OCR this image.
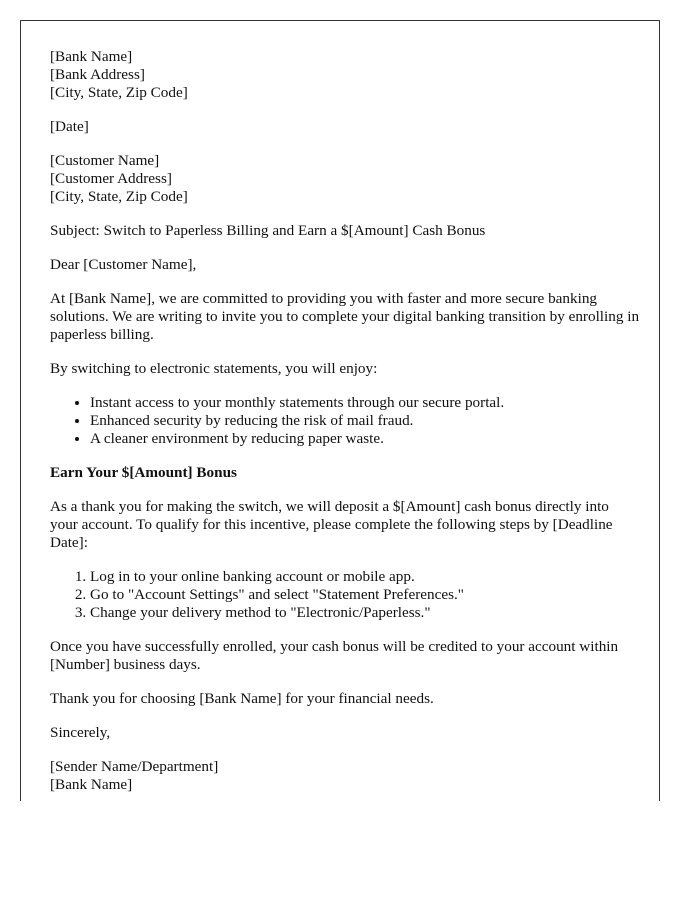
[Bank Name]
[Bank Address]
[City, State, Zip Code]

[Date]

[Customer Name]
[Customer Address]
[City, State, Zip Code]

Subject: Switch to Paperless Billing and Earn a $[Amount] Cash Bonus

Dear [Customer Name],

At [Bank Name], we are committed to providing you with faster and more secure banking solutions. We are writing to invite you to complete your digital banking transition by enrolling in paperless billing.

By switching to electronic statements, you will enjoy:

• Instant access to your monthly statements through our secure portal.
• Enhanced security by reducing the risk of mail fraud.
• A cleaner environment by reducing paper waste.
Earn Your $[Amount] Bonus

As a thank you for making the switch, we will deposit a $[Amount] cash bonus directly into your account. To qualify for this incentive, please complete the following steps by [Deadline Date]:

1. Log in to your online banking account or mobile app.
2. Go to "Account Settings" and select "Statement Preferences."
3. Change your delivery method to "Electronic/Paperless."

Once you have successfully enrolled, your cash bonus will be credited to your account within [Number] business days.

Thank you for choosing [Bank Name] for your financial needs.

Sincerely,

[Sender Name/Department]
[Bank Name]
